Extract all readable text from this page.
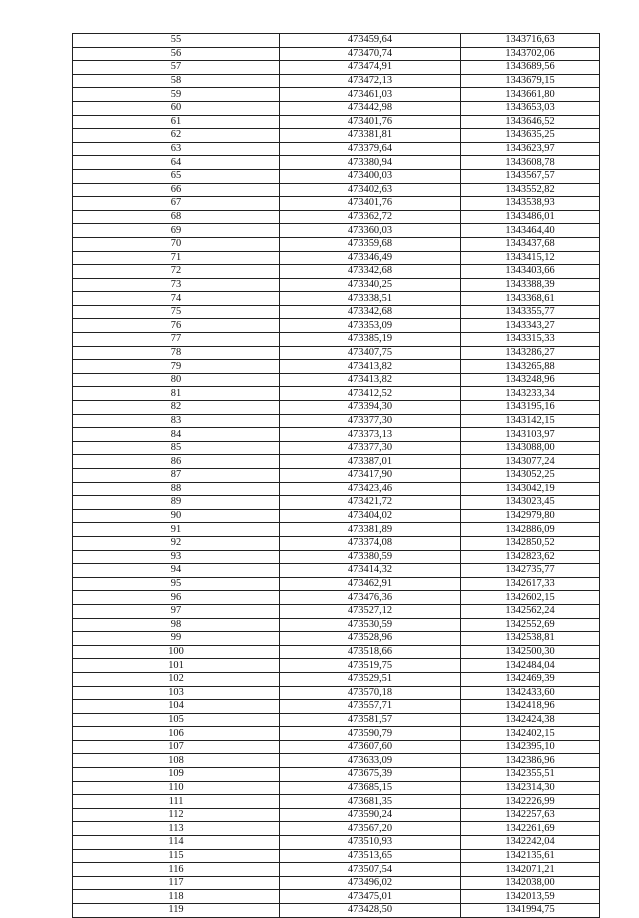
55	473459,64	1343716,63
56	473470,74	1343702,06
57	473474,91	1343689,56
58	473472,13	1343679,15
59	473461,03	1343661,80
60	473442,98	1343653,03
61	473401,76	1343646,52
62	473381,81	1343635,25
63	473379,64	1343623,97
64	473380,94	1343608,78
65	473400,03	1343567,57
66	473402,63	1343552,82
67	473401,76	1343538,93
68	473362,72	1343486,01
69	473360,03	1343464,40
70	473359,68	1343437,68
71	473346,49	1343415,12
72	473342,68	1343403,66
73	473340,25	1343388,39
74	473338,51	1343368,61
75	473342,68	1343355,77
76	473353,09	1343343,27
77	473385,19	1343315,33
78	473407,75	1343286,27
79	473413,82	1343265,88
80	473413,82	1343248,96
81	473412,52	1343233,34
82	473394,30	1343195,16
83	473377,30	1343142,15
84	473373,13	1343103,97
85	473377,30	1343088,00
86	473387,01	1343077,24
87	473417,90	1343052,25
88	473423,46	1343042,19
89	473421,72	1343023,45
90	473404,02	1342979,80
91	473381,89	1342886,09
92	473374,08	1342850,52
93	473380,59	1342823,62
94	473414,32	1342735,77
95	473462,91	1342617,33
96	473476,36	1342602,15
97	473527,12	1342562,24
98	473530,59	1342552,69
99	473528,96	1342538,81
100	473518,66	1342500,30
101	473519,75	1342484,04
102	473529,51	1342469,39
103	473570,18	1342433,60
104	473557,71	1342418,96
105	473581,57	1342424,38
106	473590,79	1342402,15
107	473607,60	1342395,10
108	473633,09	1342386,96
109	473675,39	1342355,51
110	473685,15	1342314,30
111	473681,35	1342226,99
112	473590,24	1342257,63
113	473567,20	1342261,69
114	473510,93	1342242,04
115	473513,65	1342135,61
116	473507,54	1342071,21
117	473496,02	1342038,00
118	473475,01	1342013,59
119	473428,50	1341994,75
